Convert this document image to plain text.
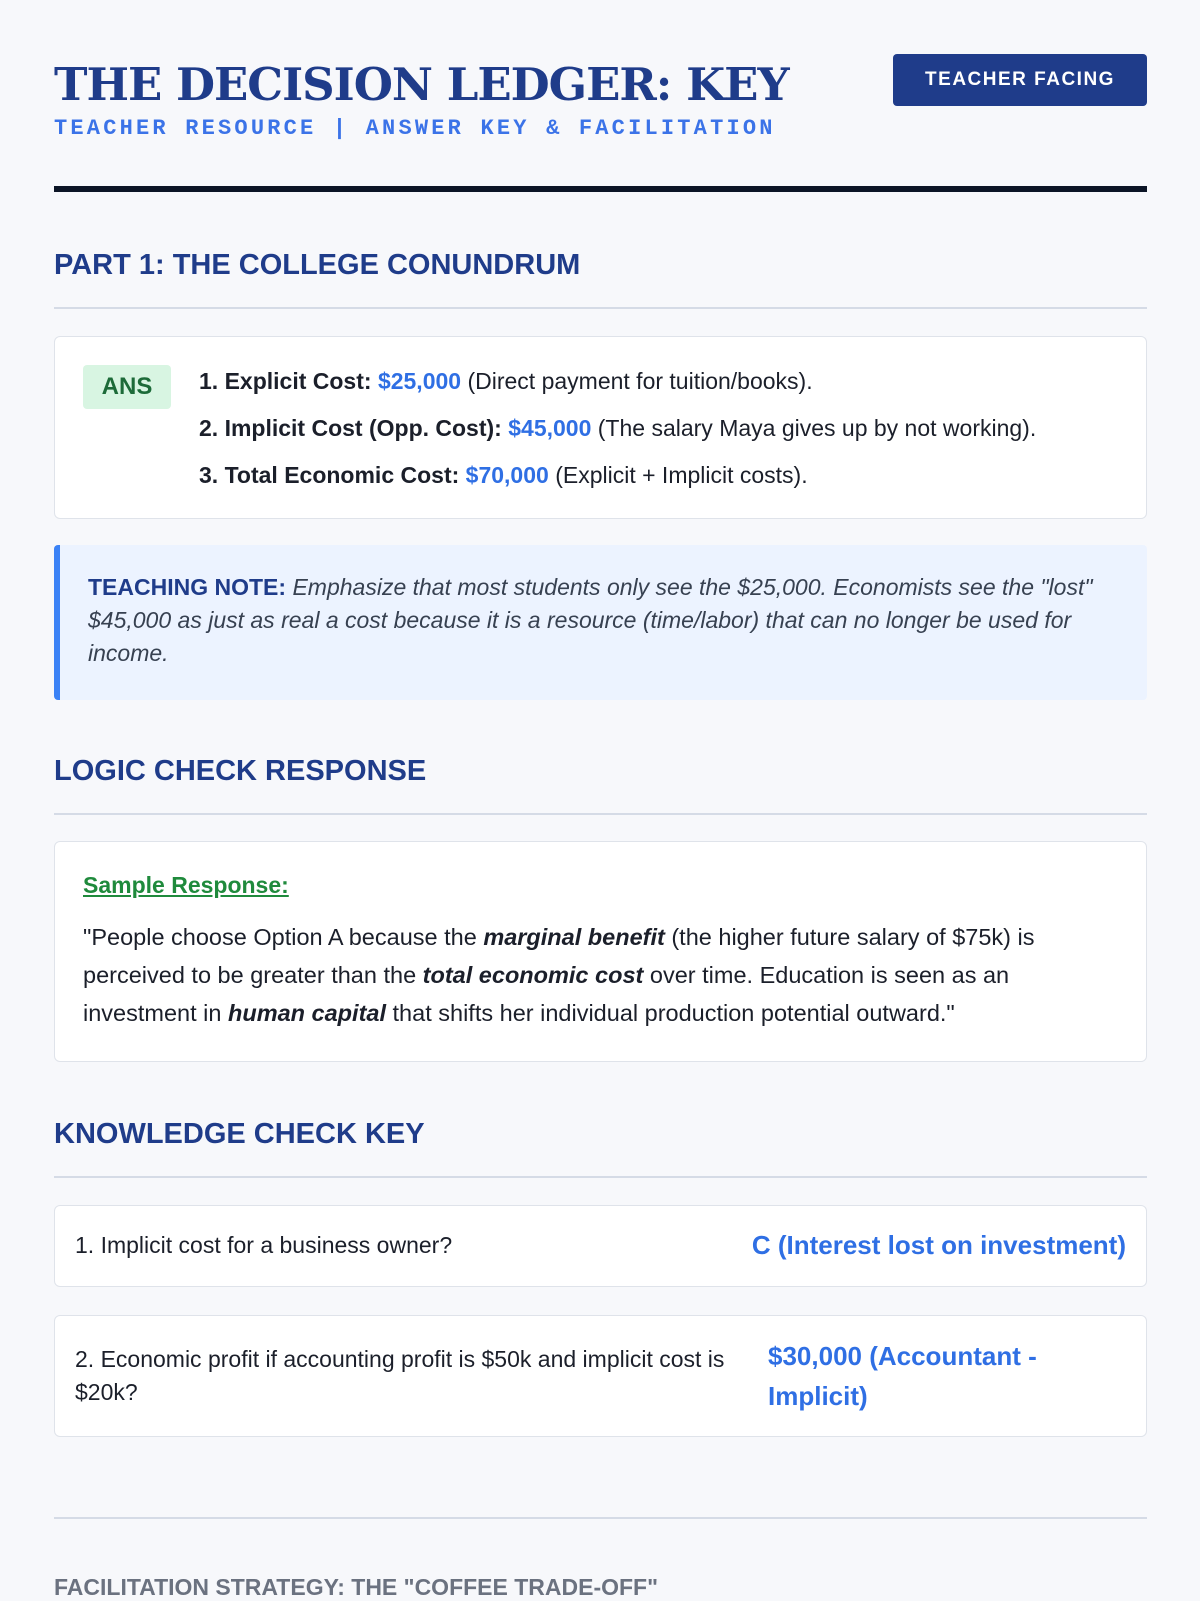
THE DECISION LEDGER: KEY
TEACHER RESOURCE | ANSWER KEY & FACILITATION
TEACHER FACING
PART 1: THE COLLEGE CONUNDRUM
ANS	1. Explicit Cost: $25,000 (Direct payment for tuition/books).
2. Implicit Cost (Opp. Cost): $45,000 (The salary Maya gives up by not working).
3. Total Economic Cost: $70,000 (Explicit + Implicit costs).

TEACHING NOTE: Emphasize that most students only see the $25,000. Economists see the "lost" $45,000 as just as real a cost because it is a resource (time/labor) that can no longer be used for income.

LOGIC CHECK RESPONSE
Sample Response:

"People choose Option A because the marginal benefit (the higher future salary of $75k) is perceived to be greater than the total economic cost over time. Education is seen as an investment in human capital that shifts her individual production potential outward."

KNOWLEDGE CHECK KEY
1. Implicit cost for a business owner?	C (Interest lost on investment)
2. Economic profit if accounting profit is $50k and implicit cost is $20k?
$30,000 (Accountant - Implicit)
FACILITATION STRATEGY: THE "COFFEE TRADE-OFF"
